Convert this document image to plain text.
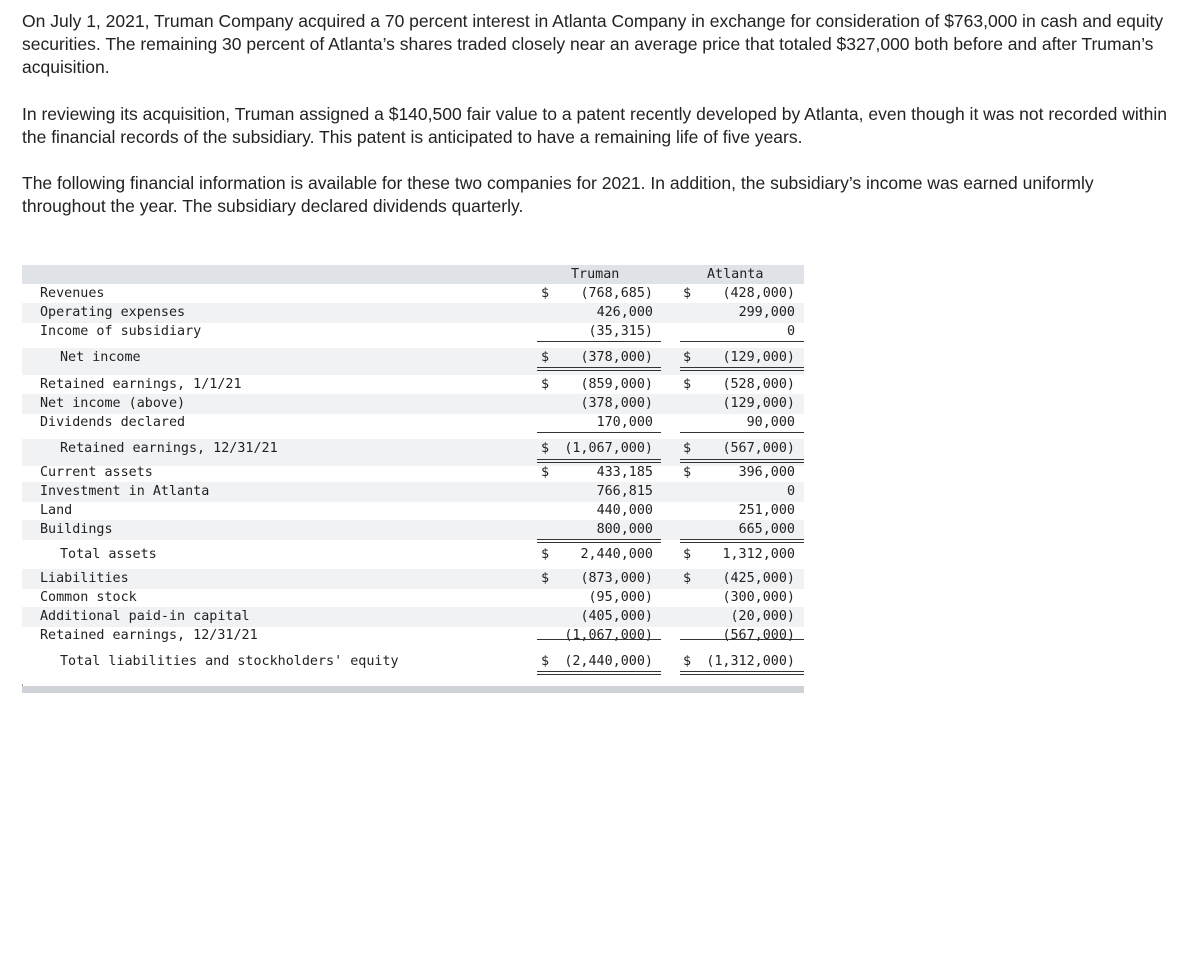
On July 1, 2021, Truman Company acquired a 70 percent interest in Atlanta Company in exchange for consideration of $763,000 in cash and equity securities. The remaining 30 percent of Atlanta’s shares traded closely near an average price that totaled $327,000 both before and after Truman’s acquisition.

In reviewing its acquisition, Truman assigned a $140,500 fair value to a patent recently developed by Atlanta, even though it was not recorded within the financial records of the subsidiary. This patent is anticipated to have a remaining life of five years.

The following financial information is available for these two companies for 2021. In addition, the subsidiary’s income was earned uniformly throughout the year. The subsidiary declared dividends quarterly.

Truman	Atlanta
Revenues	$	(768,685) $	(428,000)
Operating expenses	426,000	299,000
Income of subsidiary	(35,315)	0
Net income	$	(378,000) $	(129,000)
Retained earnings, 1/1/21	$	(859,000) $	(528,000)
Net income (above)	(378,000)	(129,000)
Dividends declared	170,000	90,000
Retained earnings, 12/31/21	$	(1,067,000) $	(567,000)
Current assets	$	433,185 $	396,000
Investment in Atlanta	766,815	0
Land	440,000	251,000
Buildings	800,000	665,000
Total assets	$	2,440,000 $	1,312,000
Liabilities	$	(873,000) $	(425,000)
Common stock	(95,000)	(300,000)
Additional paid-in capital	(405,000)	(20,000)
Retained earnings, 12/31/21	(1,067,000)	(567,000)
Total liabilities and stockholders' equity	$	(2,440,000) $	(1,312,000)
